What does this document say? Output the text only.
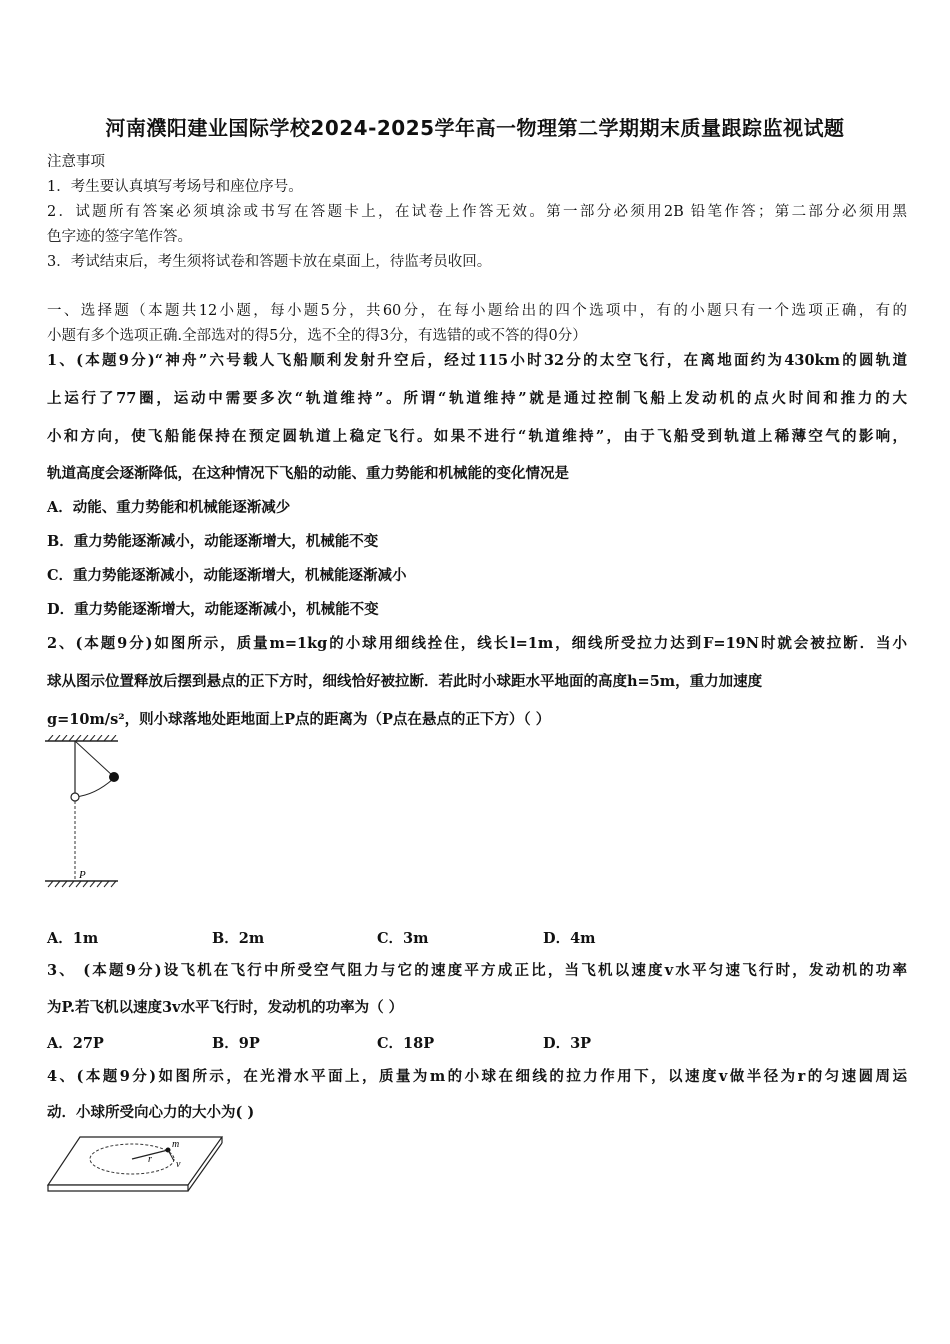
河南濮阳建业国际学校2024-2025学年高一物理第二学期期末质量跟踪监视试题
注意事项
1．考生要认真填写考场号和座位序号。
2．试题所有答案必须填涂或书写在答题卡上，在试卷上作答无效。第一部分必须用2B 铅笔作答；第二部分必须用黑
色字迹的签字笔作答。
3．考试结束后，考生须将试卷和答题卡放在桌面上，待监考员收回。
一、选择题（本题共12小题，每小题5分，共60分，在每小题给出的四个选项中，有的小题只有一个选项正确，有的
小题有多个选项正确.全部选对的得5分，选不全的得3分，有选错的或不答的得0分）
1、(本题9分)“神舟”六号载人飞船顺利发射升空后，经过115小时32分的太空飞行，在离地面约为430km的圆轨道
上运行了77圈，运动中需要多次“轨道维持”。所谓“轨道维持”就是通过控制飞船上发动机的点火时间和推力的大
小和方向，使飞船能保持在预定圆轨道上稳定飞行。如果不进行“轨道维持”，由于飞船受到轨道上稀薄空气的影响，
轨道高度会逐渐降低，在这种情况下飞船的动能、重力势能和机械能的变化情况是
A．动能、重力势能和机械能逐渐减少
B．重力势能逐渐减小，动能逐渐增大，机械能不变
C．重力势能逐渐减小，动能逐渐增大，机械能逐渐减小
D．重力势能逐渐增大，动能逐渐减小，机械能不变
2、(本题9分)如图所示，质量m=1kg的小球用细线拴住，线长l=1m，细线所受拉力达到F=19N时就会被拉断．当小
球从图示位置释放后摆到悬点的正下方时，细线恰好被拉断．若此时小球距水平地面的高度h=5m，重力加速度
g=10m/s²，则小球落地处距地面上P点的距离为（P点在悬点的正下方）（ ）
P
A．1m	B．2m	C．3m	D．4m
3、 (本题9分)设飞机在飞行中所受空气阻力与它的速度平方成正比，当飞机以速度v水平匀速飞行时，发动机的功率
为P.若飞机以速度3v水平飞行时，发动机的功率为（ ）
A．27P	B．9P	C．18P	D．3P
4、(本题9分)如图所示，在光滑水平面上，质量为m的小球在细线的拉力作用下，以速度v做半径为r的匀速圆周运
动．小球所受向心力的大小为( )
m
r v
